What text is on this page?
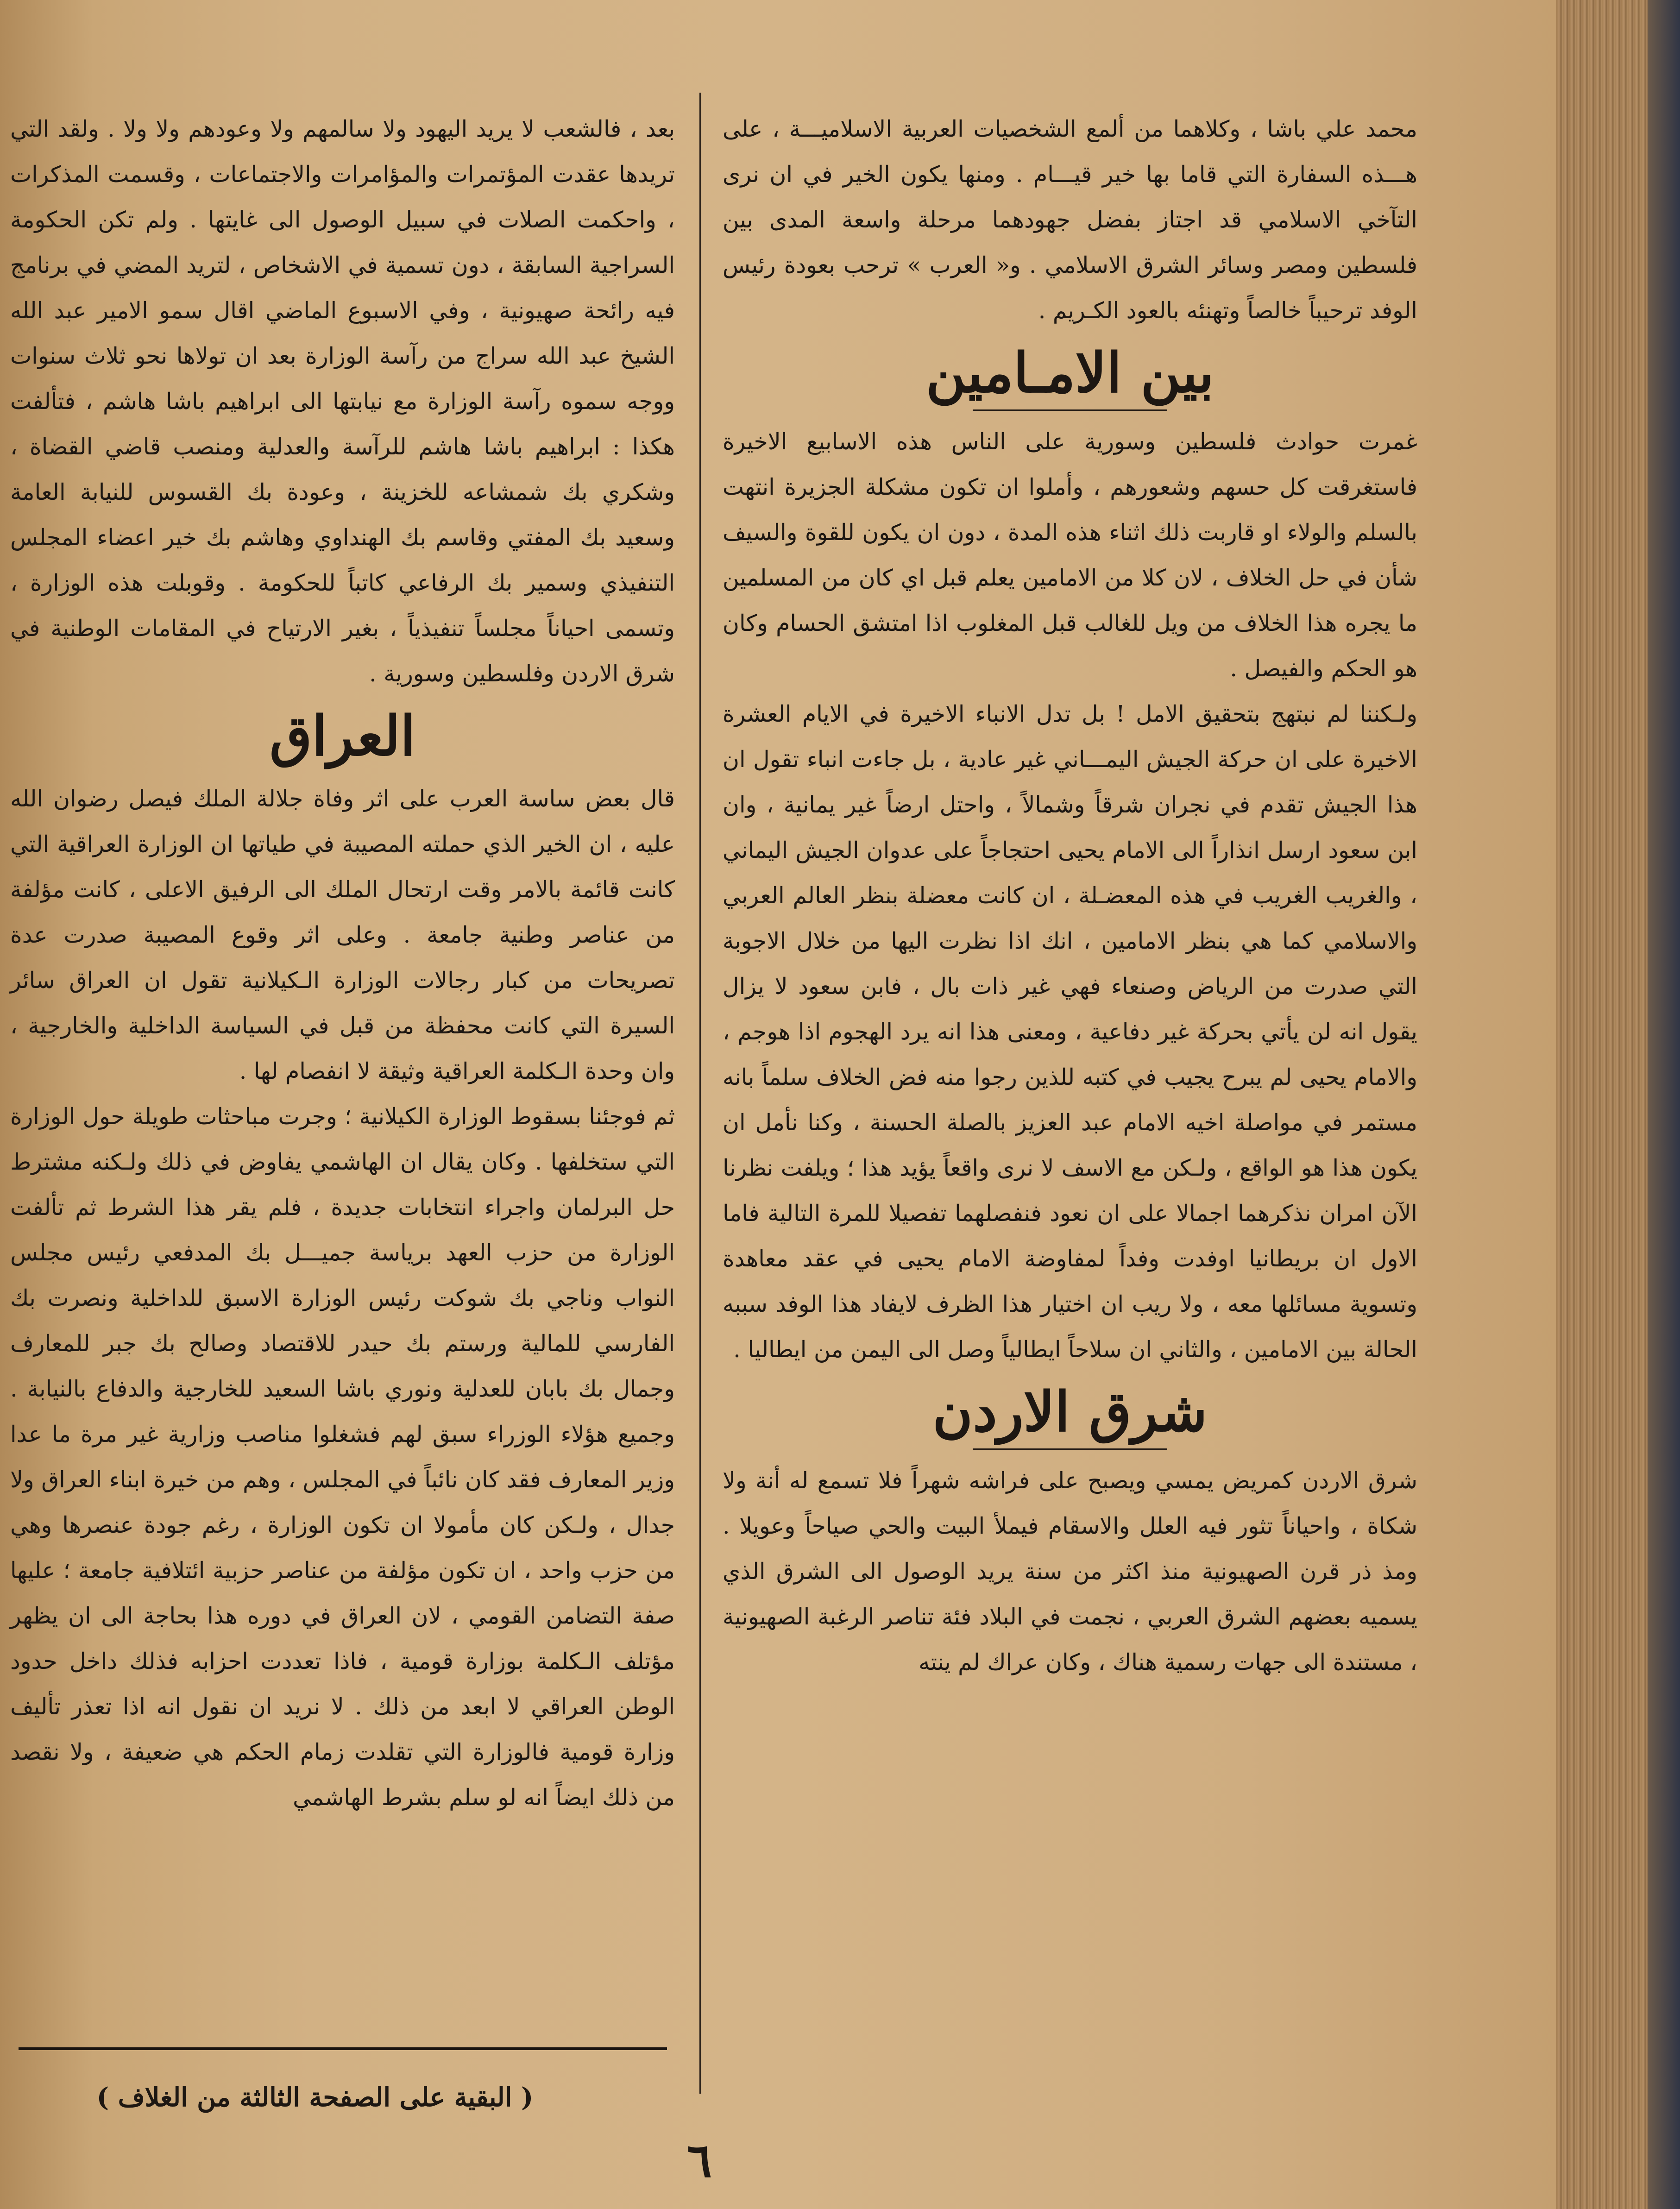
محمد علي باشا ، وكلاهما من ألمع الشخصيات العربية الاسلاميـــة ، على هـــذه السفارة التي قاما بها خير قيـــام . ومنها يكون الخير في ان نرى التآخي الاسلامي قد اجتاز بفضل جهودهما مرحلة واسعة المدى بين فلسطين ومصر وسائر الشرق الاسلامي . و« العرب » ترحب بعودة رئيس الوفد ترحيباً خالصاً وتهنئه بالعود الكـريم .

بين الامـامين

غمرت حوادث فلسطين وسورية على الناس هذه الاسابيع الاخيرة فاستغرقت كل حسهم وشعورهم ، وأملوا ان تكون مشكلة الجزيرة انتهت بالسلم والولاء او قاربت ذلك اثناء هذه المدة ، دون ان يكون للقوة والسيف شأن في حل الخلاف ، لان كلا من الامامين يعلم قبل اي كان من المسلمين ما يجره هذا الخلاف من ويل للغالب قبل المغلوب اذا امتشق الحسام وكان هو الحكم والفيصل .

ولـكننا لم نبتهج بتحقيق الامل ! بل تدل الانباء الاخيرة في الايام العشرة الاخيرة على ان حركة الجيش اليمـــاني غير عادية ، بل جاءت انباء تقول ان هذا الجيش تقدم في نجران شرقاً وشمالاً ، واحتل ارضاً غير يمانية ، وان ابن سعود ارسل انذاراً الى الامام يحيى احتجاجاً على عدوان الجيش اليماني ، والغريب الغريب في هذه المعضـلة ، ان كانت معضلة بنظر العالم العربي والاسلامي كما هي بنظر الامامين ، انك اذا نظرت اليها من خلال الاجوبة التي صدرت من الرياض وصنعاء فهي غير ذات بال ، فابن سعود لا يزال يقول انه لن يأتي بحركة غير دفاعية ، ومعنى هذا انه يرد الهجوم اذا هوجم ، والامام يحيى لم يبرح يجيب في كتبه للذين رجوا منه فض الخلاف سلماً بانه مستمر في مواصلة اخيه الامام عبد العزيز بالصلة الحسنة ، وكنا نأمل ان يكون هذا هو الواقع ، ولـكن مع الاسف لا نرى واقعاً يؤيد هذا ؛ ويلفت نظرنا الآن امران نذكرهما اجمالا على ان نعود فنفصلهما تفصيلا للمرة التالية فاما الاول ان بريطانيا اوفدت وفداً لمفاوضة الامام يحيى في عقد معاهدة وتسوية مسائلها معه ، ولا ريب ان اختيار هذا الظرف لايفاد هذا الوفد سببه الحالة بين الامامين ، والثاني ان سلاحاً ايطالياً وصل الى اليمن من ايطاليا .

شرق الاردن

شرق الاردن كمريض يمسي ويصبح على فراشه شهراً فلا تسمع له أنة ولا شكاة ، واحياناً تثور فيه العلل والاسقام فيملأ البيت والحي صياحاً وعويلا . ومذ ذر قرن الصهيونية منذ اكثر من سنة يريد الوصول الى الشرق الذي يسميه بعضهم الشرق العربي ، نجمت في البلاد فئة تناصر الرغبة الصهيونية ، مستندة الى جهات رسمية هناك ، وكان عراك لم ينته

بعد ، فالشعب لا يريد اليهود ولا سالمهم ولا وعودهم ولا ولا . ولقد التي تريدها عقدت المؤتمرات والمؤامرات والاجتماعات ، وقسمت المذكرات ، واحكمت الصلات في سبيل الوصول الى غايتها . ولم تكن الحكومة السراجية السابقة ، دون تسمية في الاشخاص ، لتريد المضي في برنامج فيه رائحة صهيونية ، وفي الاسبوع الماضي اقال سمو الامير عبد الله الشيخ عبد الله سراج من رآسة الوزارة بعد ان تولاها نحو ثلاث سنوات ووجه سموه رآسة الوزارة مع نيابتها الى ابراهيم باشا هاشم ، فتألفت هكذا : ابراهيم باشا هاشم للرآسة والعدلية ومنصب قاضي القضاة ، وشكري بك شمشاعه للخزينة ، وعودة بك القسوس للنيابة العامة وسعيد بك المفتي وقاسم بك الهنداوي وهاشم بك خير اعضاء المجلس التنفيذي وسمير بك الرفاعي كاتباً للحكومة . وقوبلت هذه الوزارة ، وتسمى احياناً مجلساً تنفيذياً ، بغير الارتياح في المقامات الوطنية في شرق الاردن وفلسطين وسورية .

العراق

قال بعض ساسة العرب على اثر وفاة جلالة الملك فيصل رضوان الله عليه ، ان الخير الذي حملته المصيبة في طياتها ان الوزارة العراقية التي كانت قائمة بالامر وقت ارتحال الملك الى الرفيق الاعلى ، كانت مؤلفة من عناصر وطنية جامعة . وعلى اثر وقوع المصيبة صدرت عدة تصريحات من كبار رجالات الوزارة الـكيلانية تقول ان العراق سائر السيرة التي كانت محفظة من قبل في السياسة الداخلية والخارجية ، وان وحدة الـكلمة العراقية وثيقة لا انفصام لها .

ثم فوجئنا بسقوط الوزارة الكيلانية ؛ وجرت مباحثات طويلة حول الوزارة التي ستخلفها . وكان يقال ان الهاشمي يفاوض في ذلك ولـكنه مشترط حل البرلمان واجراء انتخابات جديدة ، فلم يقر هذا الشرط ثم تألفت الوزارة من حزب العهد برياسة جميـــل بك المدفعي رئيس مجلس النواب وناجي بك شوكت رئيس الوزارة الاسبق للداخلية ونصرت بك الفارسي للمالية ورستم بك حيدر للاقتصاد وصالح بك جبر للمعارف وجمال بك بابان للعدلية ونوري باشا السعيد للخارجية والدفاع بالنيابة . وجميع هؤلاء الوزراء سبق لهم فشغلوا مناصب وزارية غير مرة ما عدا وزير المعارف فقد كان نائباً في المجلس ، وهم من خيرة ابناء العراق ولا جدال ، ولـكن كان مأمولا ان تكون الوزارة ، رغم جودة عنصرها وهي من حزب واحد ، ان تكون مؤلفة من عناصر حزبية ائتلافية جامعة ؛ عليها صفة التضامن القومي ، لان العراق في دوره هذا بحاجة الى ان يظهر مؤتلف الـكلمة بوزارة قومية ، فاذا تعددت احزابه فذلك داخل حدود الوطن العراقي لا ابعد من ذلك . لا نريد ان نقول انه اذا تعذر تأليف وزارة قومية فالوزارة التي تقلدت زمام الحكم هي ضعيفة ، ولا نقصد من ذلك ايضاً انه لو سلم بشرط الهاشمي

( البقية على الصفحة الثالثة من الغلاف )
٦
